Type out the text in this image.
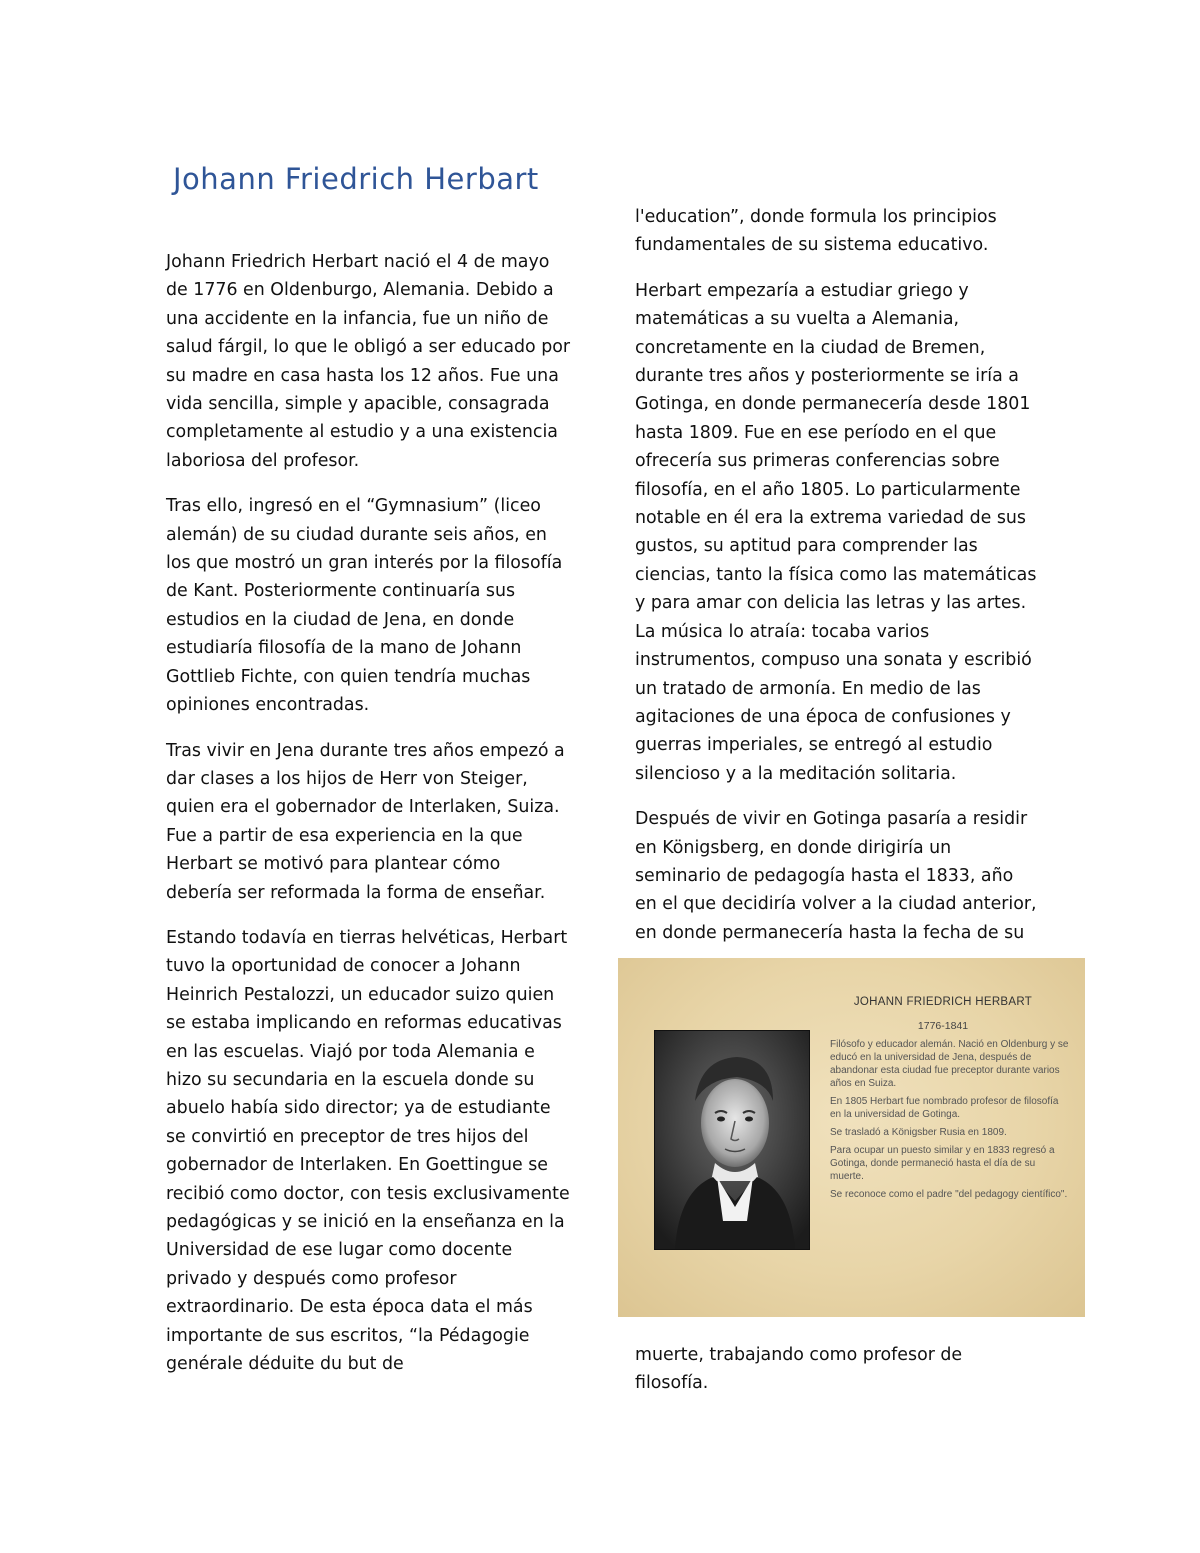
Johann Friedrich Herbart

Johann Friedrich Herbart nació el 4 de mayo de 1776 en Oldenburgo, Alemania. Debido a una accidente en la infancia, fue un niño de salud fárgil, lo que le obligó a ser educado por su madre en casa hasta los 12 años. Fue una vida sencilla, simple y apacible, consagrada completamente al estudio y a una existencia laboriosa del profesor.

Tras ello, ingresó en el “Gymnasium” (liceo alemán) de su ciudad durante seis años, en los que mostró un gran interés por la filosofía de Kant. Posteriormente continuaría sus estudios en la ciudad de Jena, en donde estudiaría filosofía de la mano de Johann Gottlieb Fichte, con quien tendría muchas opiniones encontradas.

Tras vivir en Jena durante tres años empezó a dar clases a los hijos de Herr von Steiger, quien era el gobernador de Interlaken, Suiza. Fue a partir de esa experiencia en la que Herbart se motivó para plantear cómo debería ser reformada la forma de enseñar.

Estando todavía en tierras helvéticas, Herbart tuvo la oportunidad de conocer a Johann Heinrich Pestalozzi, un educador suizo quien se estaba implicando en reformas educativas en las escuelas. Viajó por toda Alemania e hizo su secundaria en la escuela donde su abuelo había sido director; ya de estudiante se convirtió en preceptor de tres hijos del gobernador de Interlaken. En Goettingue se recibió como doctor, con tesis exclusivamente pedagógicas y se inició en la enseñanza en la Universidad de ese lugar como docente privado y después como profesor extraordinario. De esta época data el más importante de sus escritos, “la Pédagogie genérale déduite du but de

l'education”, donde formula los principios fundamentales de su sistema educativo.

Herbart empezaría a estudiar griego y matemáticas a su vuelta a Alemania, concretamente en la ciudad de Bremen, durante tres años y posteriormente se iría a Gotinga, en donde permanecería desde 1801 hasta 1809. Fue en ese período en el que ofrecería sus primeras conferencias sobre filosofía, en el año 1805. Lo particularmente notable en él era la extrema variedad de sus gustos, su aptitud para comprender las ciencias, tanto la física como las matemáticas y para amar con delicia las letras y las artes. La música lo atraía: tocaba varios instrumentos, compuso una sonata y escribió un tratado de armonía. En medio de las agitaciones de una época de confusiones y guerras imperiales, se entregó al estudio silencioso y a la meditación solitaria.

Después de vivir en Gotinga pasaría a residir en Königsberg, en donde dirigiría un seminario de pedagogía hasta el 1833, año en el que decidiría volver a la ciudad anterior, en donde permanecería hasta la fecha de su

JOHANN FRIEDRICH HERBART
1776-1841
Filósofo y educador alemán. Nació en Oldenburg y se educó en la universidad de Jena, después de abandonar esta ciudad fue preceptor durante varios años en Suiza.
En 1805 Herbart fue nombrado profesor de filosofía en la universidad de Gotinga.
Se trasladó a Königsber Rusia en 1809.
Para ocupar un puesto similar y en 1833 regresó a Gotinga, donde permaneció hasta el día de su muerte.
Se reconoce como el padre "del pedagogy científico".

muerte, trabajando como profesor de filosofía.
